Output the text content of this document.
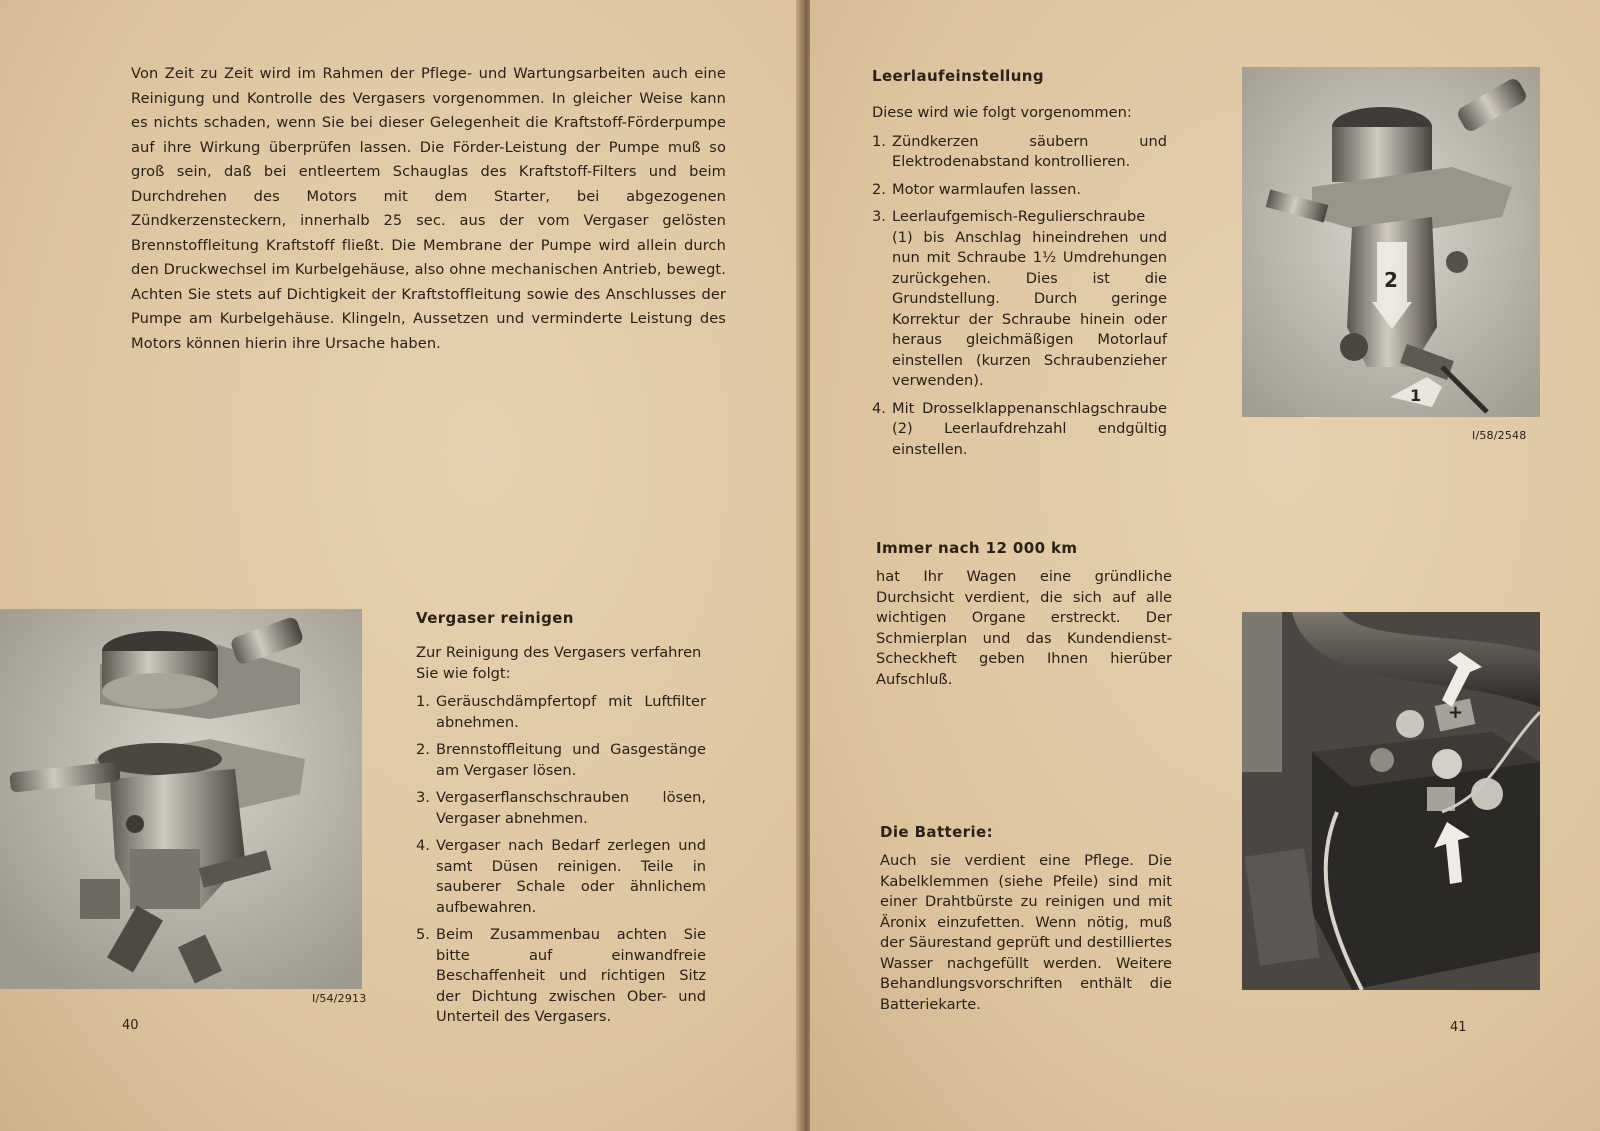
Von Zeit zu Zeit wird im Rahmen der Pflege- und Wartungsarbeiten auch eine Reinigung und Kontrolle des Vergasers vorgenommen. In gleicher Weise kann es nichts schaden, wenn Sie bei dieser Gelegenheit die Kraftstoff-Förderpumpe auf ihre Wirkung überprüfen lassen. Die Förder-Leistung der Pumpe muß so groß sein, daß bei entleertem Schauglas des Kraftstoff-Filters und beim Durchdrehen des Motors mit dem Starter, bei abgezogenen Zündkerzensteckern, innerhalb 25 sec. aus der vom Vergaser gelösten Brennstoffleitung Kraftstoff fließt. Die Membrane der Pumpe wird allein durch den Druckwechsel im Kurbelgehäuse, also ohne mechanischen Antrieb, bewegt. Achten Sie stets auf Dichtigkeit der Kraftstoffleitung sowie des Anschlusses der Pumpe am Kurbelgehäuse. Klingeln, Aussetzen und verminderte Leistung des Motors können hierin ihre Ursache haben.

I/54/2913

Vergaser reinigen

Zur Reinigung des Vergasers verfahren Sie wie folgt:

1. Geräuschdämpfertopf mit Luftfilter abnehmen.
2. Brennstoffleitung und Gasgestänge am Vergaser lösen.
3. Vergaserflanschschrauben lösen, Vergaser abnehmen.
4. Vergaser nach Bedarf zerlegen und samt Düsen reinigen. Teile in sauberer Schale oder ähnlichem aufbewahren.
5. Beim Zusammenbau achten Sie bitte auf einwandfreie Beschaffenheit und richtigen Sitz der Dichtung zwischen Ober- und Unterteil des Vergasers.
40

Leerlaufeinstellung

Diese wird wie folgt vorgenommen:

1. Zündkerzen säubern und Elektrodenabstand kontrollieren.
2. Motor warmlaufen lassen.
3. Leerlaufgemisch-Regulierschraube (1) bis Anschlag hineindrehen und nun mit Schraube 1½ Umdrehungen zurückgehen. Dies ist die Grundstellung. Durch geringe Korrektur der Schraube hinein oder heraus gleichmäßigen Motorlauf einstellen (kurzen Schraubenzieher verwenden).
4. Mit Drosselklappenanschlagschraube (2) Leerlaufdrehzahl endgültig einstellen.
2
1
I/58/2548

Immer nach 12 000 km

hat Ihr Wagen eine gründliche Durchsicht verdient, die sich auf alle wichtigen Organe erstreckt. Der Schmierplan und das Kundendienst-Scheckheft geben Ihnen hierüber Aufschluß.

+

Die Batterie:

Auch sie verdient eine Pflege. Die Kabelklemmen (siehe Pfeile) sind mit einer Drahtbürste zu reinigen und mit Äronix einzufetten. Wenn nötig, muß der Säurestand geprüft und destilliertes Wasser nachgefüllt werden. Weitere Behandlungsvorschriften enthält die Batteriekarte.

41
